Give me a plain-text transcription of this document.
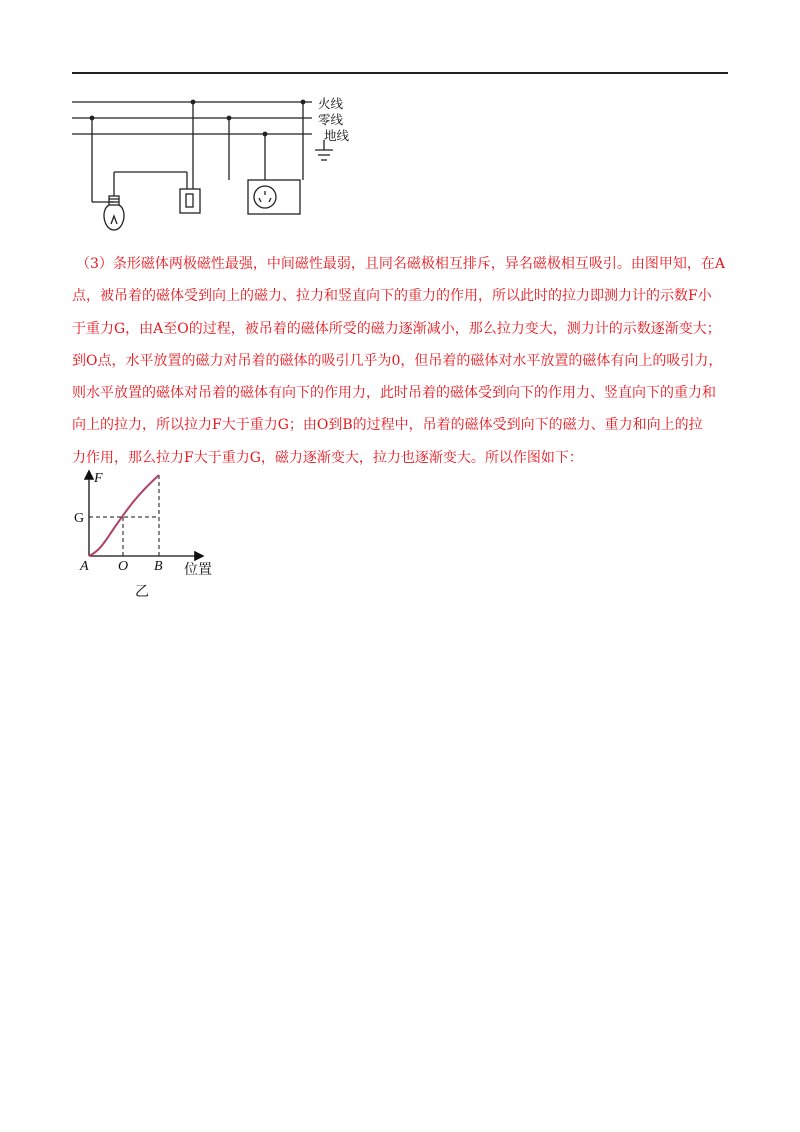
火线
零线
地线
（3）条形磁体两极磁性最强，中间磁性最弱，且同名磁极相互排斥，异名磁极相互吸引。由图甲知，在A
点，被吊着的磁体受到向上的磁力、拉力和竖直向下的重力的作用，所以此时的拉力即测力计的示数F小
于重力G，由A至O的过程，被吊着的磁体所受的磁力逐渐减小，那么拉力变大，测力计的示数逐渐变大；
到O点，水平放置的磁力对吊着的磁体的吸引几乎为0，但吊着的磁体对水平放置的磁体有向上的吸引力，
则水平放置的磁体对吊着的磁体有向下的作用力，此时吊着的磁体受到向下的作用力、竖直向下的重力和
向上的拉力，所以拉力F大于重力G；由O到B的过程中，吊着的磁体受到向下的磁力、重力和向上的拉
力作用，那么拉力F大于重力G，磁力逐渐变大，拉力也逐渐变大。所以作图如下：
F
G
A O B 位置
乙
